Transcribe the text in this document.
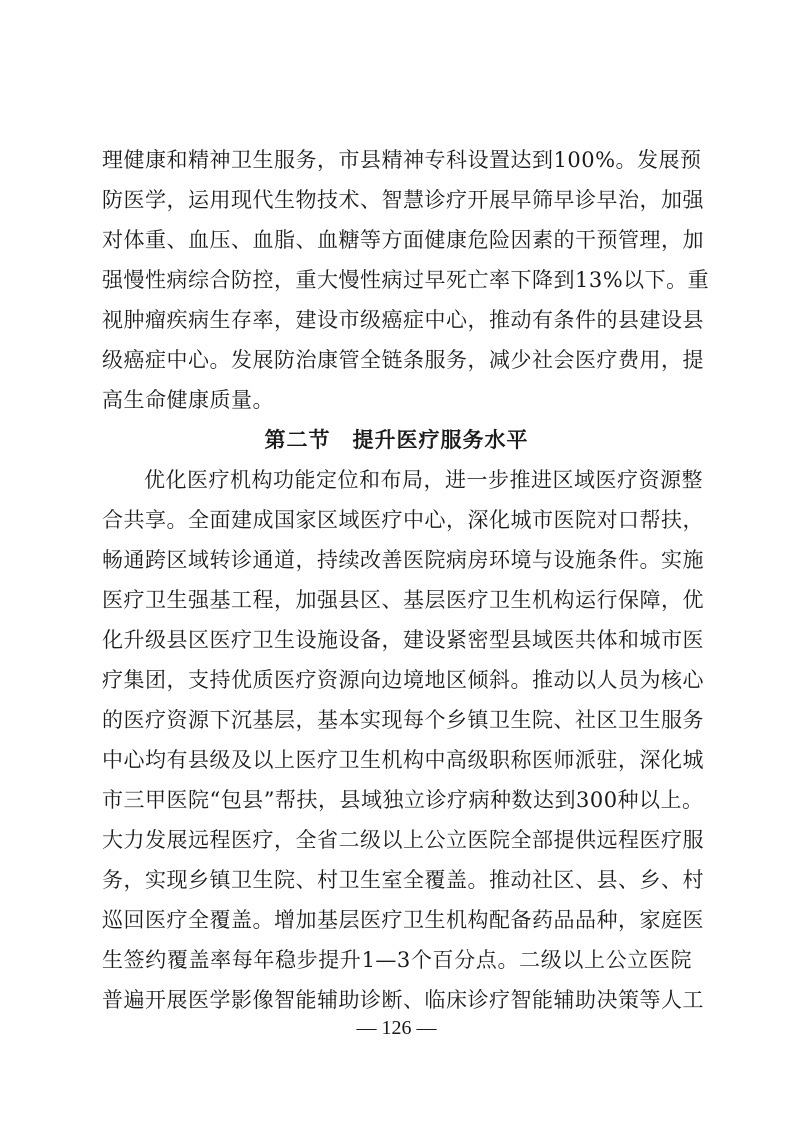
理健康和精神卫生服务，市县精神专科设置达到100%。发展预
防医学，运用现代生物技术、智慧诊疗开展早筛早诊早治，加强
对体重、血压、血脂、血糖等方面健康危险因素的干预管理，加
强慢性病综合防控，重大慢性病过早死亡率下降到13%以下。重
视肿瘤疾病生存率，建设市级癌症中心，推动有条件的县建设县
级癌症中心。发展防治康管全链条服务，减少社会医疗费用，提
高生命健康质量。
第二节　提升医疗服务水平
优化医疗机构功能定位和布局，进一步推进区域医疗资源整
合共享。全面建成国家区域医疗中心，深化城市医院对口帮扶，
畅通跨区域转诊通道，持续改善医院病房环境与设施条件。实施
医疗卫生强基工程，加强县区、基层医疗卫生机构运行保障，优
化升级县区医疗卫生设施设备，建设紧密型县域医共体和城市医
疗集团，支持优质医疗资源向边境地区倾斜。推动以人员为核心
的医疗资源下沉基层，基本实现每个乡镇卫生院、社区卫生服务
中心均有县级及以上医疗卫生机构中高级职称医师派驻，深化城
市三甲医院“包县”帮扶，县域独立诊疗病种数达到300种以上。
大力发展远程医疗，全省二级以上公立医院全部提供远程医疗服
务，实现乡镇卫生院、村卫生室全覆盖。推动社区、县、乡、村
巡回医疗全覆盖。增加基层医疗卫生机构配备药品品种，家庭医
生签约覆盖率每年稳步提升1—3个百分点。二级以上公立医院
普遍开展医学影像智能辅助诊断、临床诊疗智能辅助决策等人工
— 126 —
